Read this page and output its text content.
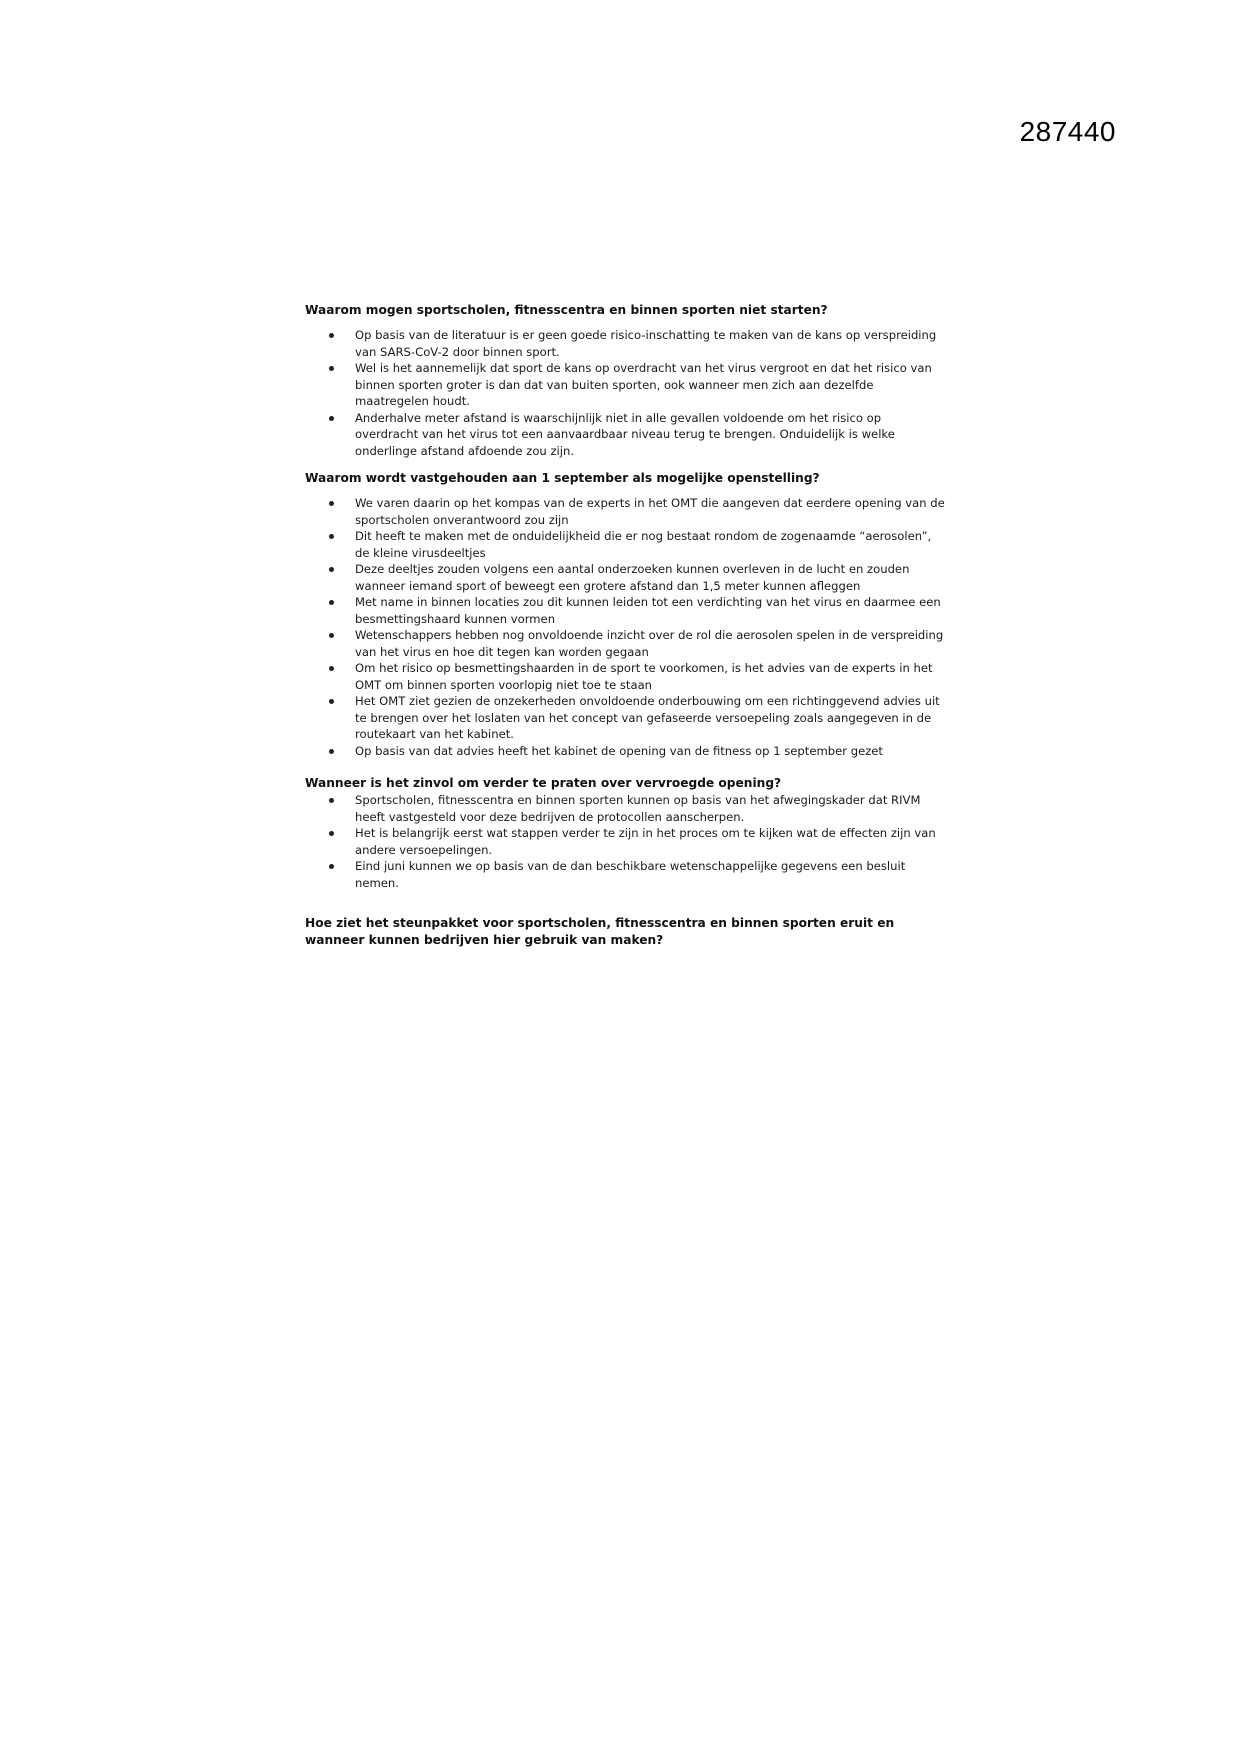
287440

Waarom mogen sportscholen, fitnesscentra en binnen sporten niet starten?

Op basis van de literatuur is er geen goede risico-inschatting te maken van de kans op verspreiding van SARS-CoV-2 door binnen sport.
Wel is het aannemelijk dat sport de kans op overdracht van het virus vergroot en dat het risico van binnen sporten groter is dan dat van buiten sporten, ook wanneer men zich aan dezelfde maatregelen houdt.
Anderhalve meter afstand is waarschijnlijk niet in alle gevallen voldoende om het risico op overdracht van het virus tot een aanvaardbaar niveau terug te brengen. Onduidelijk is welke onderlinge afstand afdoende zou zijn.

Waarom wordt vastgehouden aan 1 september als mogelijke openstelling?

We varen daarin op het kompas van de experts in het OMT die aangeven dat eerdere opening van de sportscholen onverantwoord zou zijn
Dit heeft te maken met de onduidelijkheid die er nog bestaat rondom de zogenaamde “aerosolen”, de kleine virusdeeltjes
Deze deeltjes zouden volgens een aantal onderzoeken kunnen overleven in de lucht en zouden wanneer iemand sport of beweegt een grotere afstand dan 1,5 meter kunnen afleggen
Met name in binnen locaties zou dit kunnen leiden tot een verdichting van het virus en daarmee een besmettingshaard kunnen vormen
Wetenschappers hebben nog onvoldoende inzicht over de rol die aerosolen spelen in de verspreiding van het virus en hoe dit tegen kan worden gegaan
Om het risico op besmettingshaarden in de sport te voorkomen, is het advies van de experts in het OMT om binnen sporten voorlopig niet toe te staan
Het OMT ziet gezien de onzekerheden onvoldoende onderbouwing om een richtinggevend advies uit te brengen over het loslaten van het concept van gefaseerde versoepeling zoals aangegeven in de routekaart van het kabinet.
Op basis van dat advies heeft het kabinet de opening van de fitness op 1 september gezet

Wanneer is het zinvol om verder te praten over vervroegde opening?

Sportscholen, fitnesscentra en binnen sporten kunnen op basis van het afwegingskader dat RIVM heeft vastgesteld voor deze bedrijven de protocollen aanscherpen.
Het is belangrijk eerst wat stappen verder te zijn in het proces om te kijken wat de effecten zijn van andere versoepelingen.
Eind juni kunnen we op basis van de dan beschikbare wetenschappelijke gegevens een besluit nemen.

Hoe ziet het steunpakket voor sportscholen, fitnesscentra en binnen sporten eruit en wanneer kunnen bedrijven hier gebruik van maken?
